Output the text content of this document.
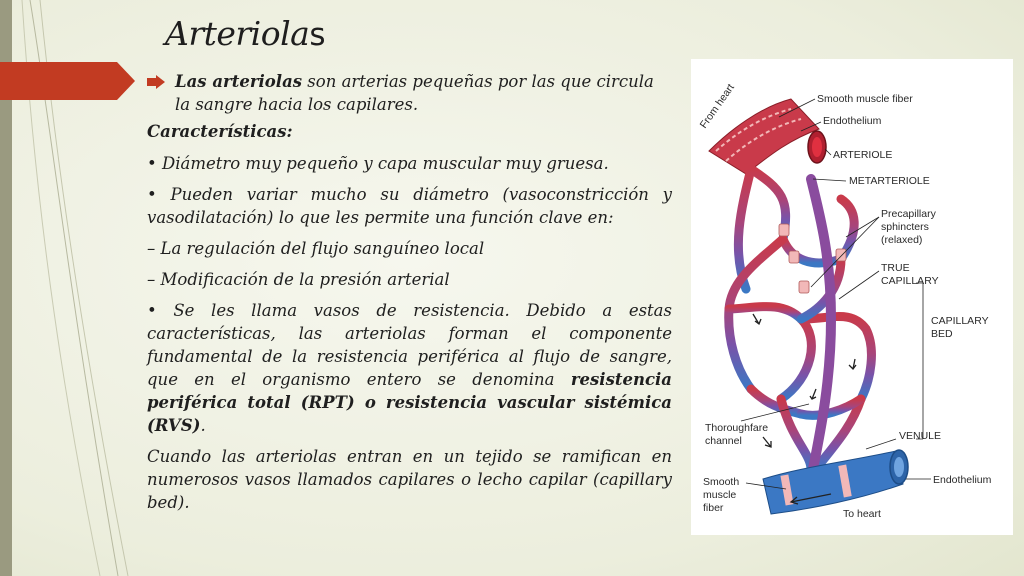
Arteriolas
Las arteriolas son arterias pequeñas por las que circula la sangre hacia los capilares.

Características:

• Diámetro muy pequeño y capa muscular muy gruesa.

• Pueden variar mucho su diámetro (vasoconstricción y vasodilatación) lo que les permite una función clave en:

– La regulación del flujo sanguíneo local

– Modificación de la presión arterial

• Se les llama vasos de resistencia. Debido a estas características, las arteriolas forman el componente fundamental de la resistencia periférica al flujo de sangre, que en el organismo entero se denomina resistencia periférica total (RPT) o resistencia vascular sistémica (RVS).

Cuando las arteriolas entran en un tejido se ramifican en numerosos vasos llamados capilares o lecho capilar (capillary bed).

From heart	Smooth muscle fiber
Endothelium
ARTERIOLE
METARTERIOLE
Precapillary
sphincters
(relaxed)
TRUE
CAPILLARY
CAPILLARY
BED
Thoroughfare
channel	VENULE
Smooth
muscle
fiber
Endothelium
To heart
